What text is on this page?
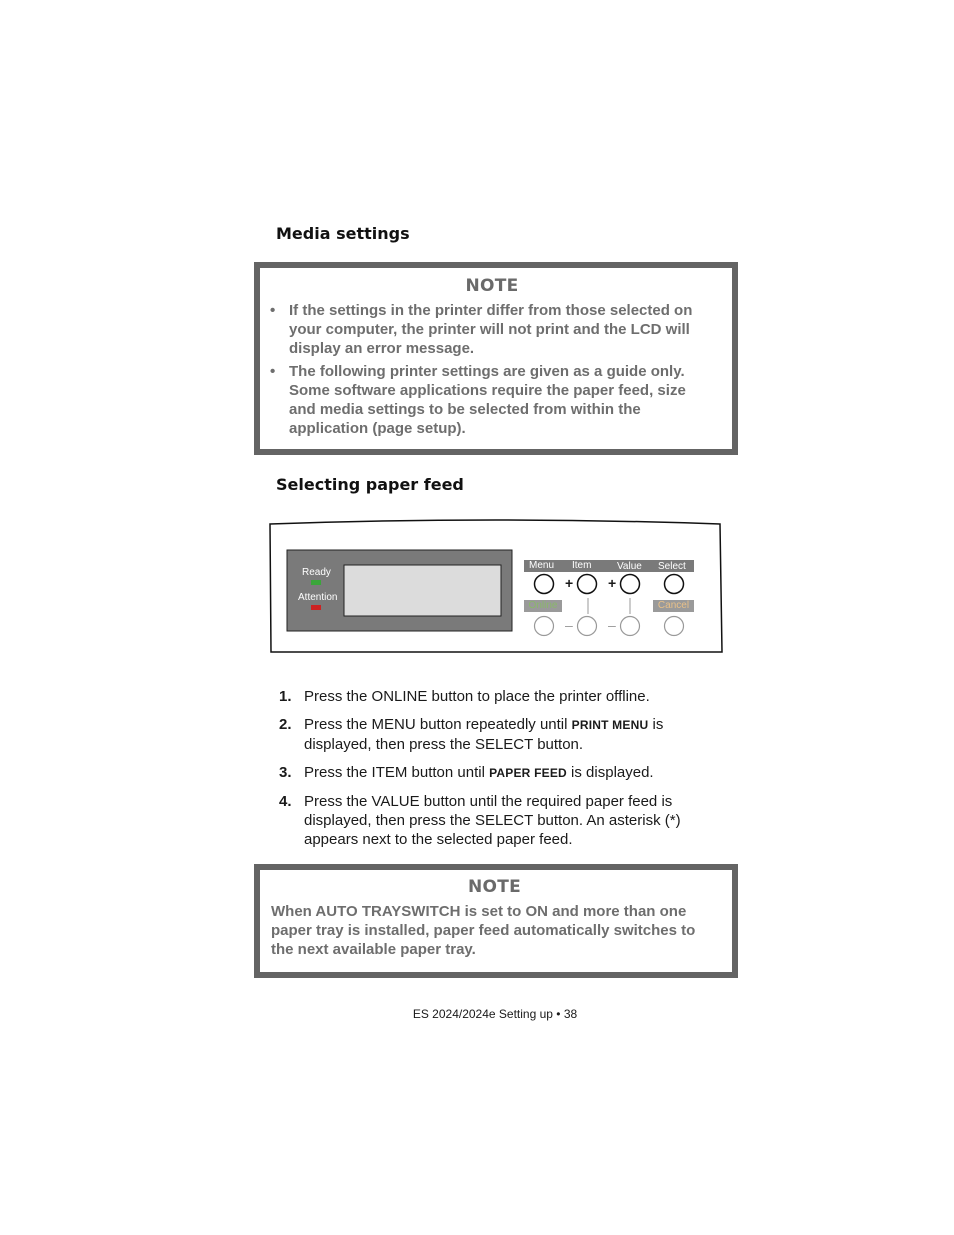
Media settings
NOTE
• If the settings in the printer differ from those selected on your computer, the printer will not print and the LCD will display an error message.
• The following printer settings are given as a guide only. Some software applications require the paper feed, size and media settings to be selected from within the application (page setup).
Selecting paper feed
Ready
Attention
Menu Item	Value Select
+ +
–	–
Online	Cancel
1. Press the ONLINE button to place the printer offline.
2. Press the MENU button repeatedly until PRINT MENU is displayed, then press the SELECT button.
3. Press the ITEM button until PAPER FEED is displayed.
4. Press the VALUE button until the required paper feed is displayed, then press the SELECT button. An asterisk (*) appears next to the selected paper feed.
NOTE
When AUTO TRAYSWITCH is set to ON and more than one paper tray is installed, paper feed automatically switches to the next available paper tray.
ES 2024/2024e Setting up • 38
